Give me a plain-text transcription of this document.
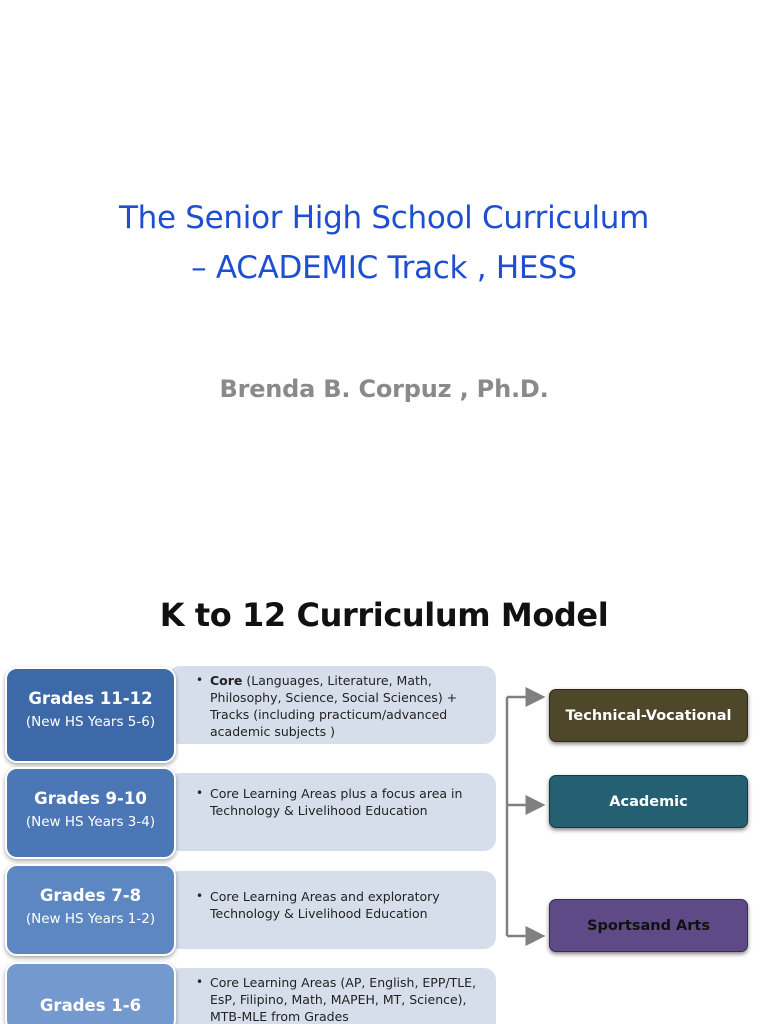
The Senior High School Curriculum
– ACADEMIC Track , HESS
Brenda B. Corpuz , Ph.D.
K to 12 Curriculum Model
• Core (Languages, Literature, Math, Philosophy, Science, Social Sciences) + Tracks (including practicum/advanced academic subjects )
• Core Learning Areas plus a focus area in Technology & Livelihood Education
• Core Learning Areas and exploratory Technology & Livelihood Education
• Core Learning Areas (AP, English, EPP/TLE, EsP, Filipino, Math, MAPEH, MT, Science), MTB-MLE from Grades
Grades 11-12
(New HS Years 5-6)
Grades 9-10
(New HS Years 3-4)
Grades 7-8
(New HS Years 1-2)
Grades 1-6
Technical-Vocational
Academic
Sportsand Arts
